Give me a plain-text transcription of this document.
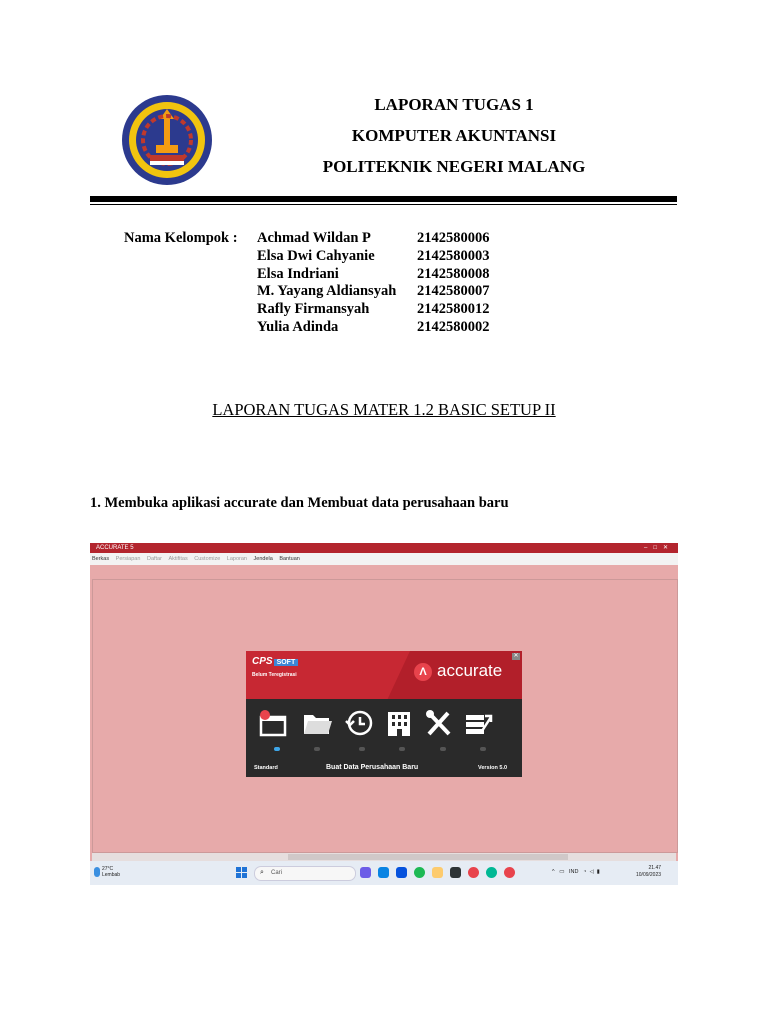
LAPORAN TUGAS 1
KOMPUTER AKUNTANSI
POLITEKNIK NEGERI MALANG
Nama Kelompok :	Achmad Wildan P	2142580006
	Elsa Dwi Cahyanie	2142580003
	Elsa Indriani	2142580008
	M. Yayang Aldiansyah	2142580007
	Rafly Firmansyah	2142580012
	Yulia Adinda	2142580002
LAPORAN TUGAS MATER 1.2 BASIC SETUP II
1. Membuka aplikasi accurate dan Membuat data perusahaan baru
ACCURATE 5	–□✕
Berkas Persiapan Daftar Aktifitas Customize Laporan Jendela Bantuan
CPS SOFT
Belum Teregistrasi	Λ accurate
✕
Standard	Buat Data Perusahaan Baru	Version 5.0
27°C
Lembab	⌕ Cari	^ ▭ IND ◔ ◁ ▮
21.47
10/09/2023
